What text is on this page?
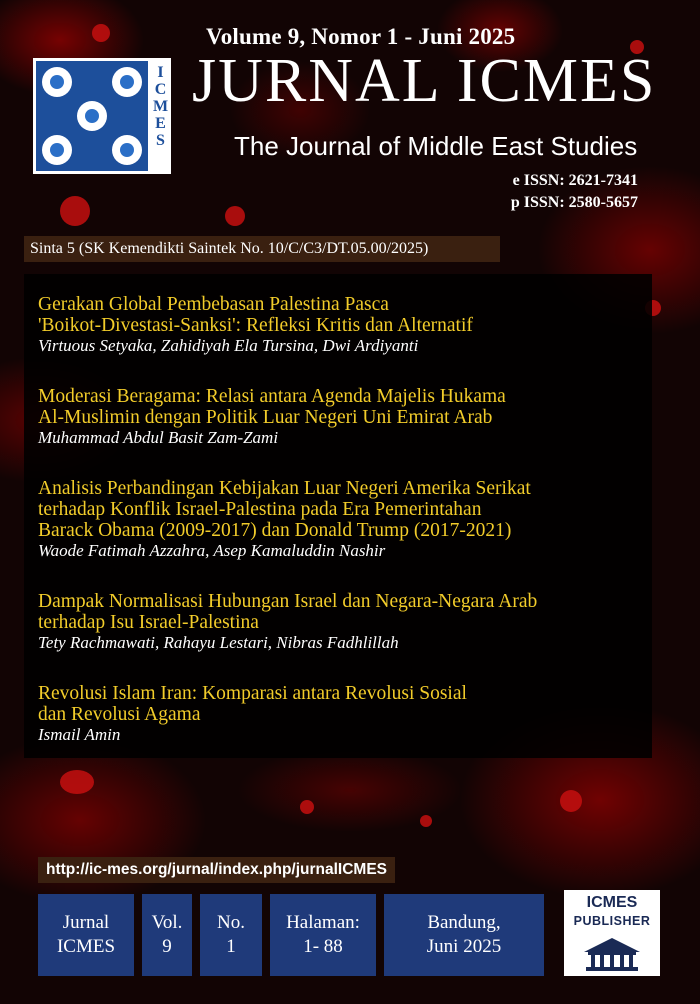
Volume 9, Nomor 1 - Juni 2025
ICMES JURNAL ICMES
The Journal of Middle East Studies
e ISSN: 2621-7341
p ISSN: 2580-5657
Sinta 5 (SK Kemendikti Saintek No. 10/C/C3/DT.05.00/2025)
Gerakan Global Pembebasan Palestina Pasca
'Boikot-Divestasi-Sanksi': Refleksi Kritis dan Alternatif
Virtuous Setyaka, Zahidiyah Ela Tursina, Dwi Ardiyanti
Moderasi Beragama: Relasi antara Agenda Majelis Hukama
Al-Muslimin dengan Politik Luar Negeri Uni Emirat Arab
Muhammad Abdul Basit Zam-Zami
Analisis Perbandingan Kebijakan Luar Negeri Amerika Serikat
terhadap Konflik Israel-Palestina pada Era Pemerintahan
Barack Obama (2009-2017) dan Donald Trump (2017-2021)
Waode Fatimah Azzahra, Asep Kamaluddin Nashir
Dampak Normalisasi Hubungan Israel dan Negara-Negara Arab
terhadap Isu Israel-Palestina
Tety Rachmawati, Rahayu Lestari, Nibras Fadhlillah
Revolusi Islam Iran: Komparasi antara Revolusi Sosial
dan Revolusi Agama
Ismail Amin
http://ic-mes.org/jurnal/index.php/jurnalICMES
Jurnal
ICMES
Vol.
9
No.
1
Halaman:
1- 88
Bandung,
Juni 2025
ICMES
PUBLISHER
